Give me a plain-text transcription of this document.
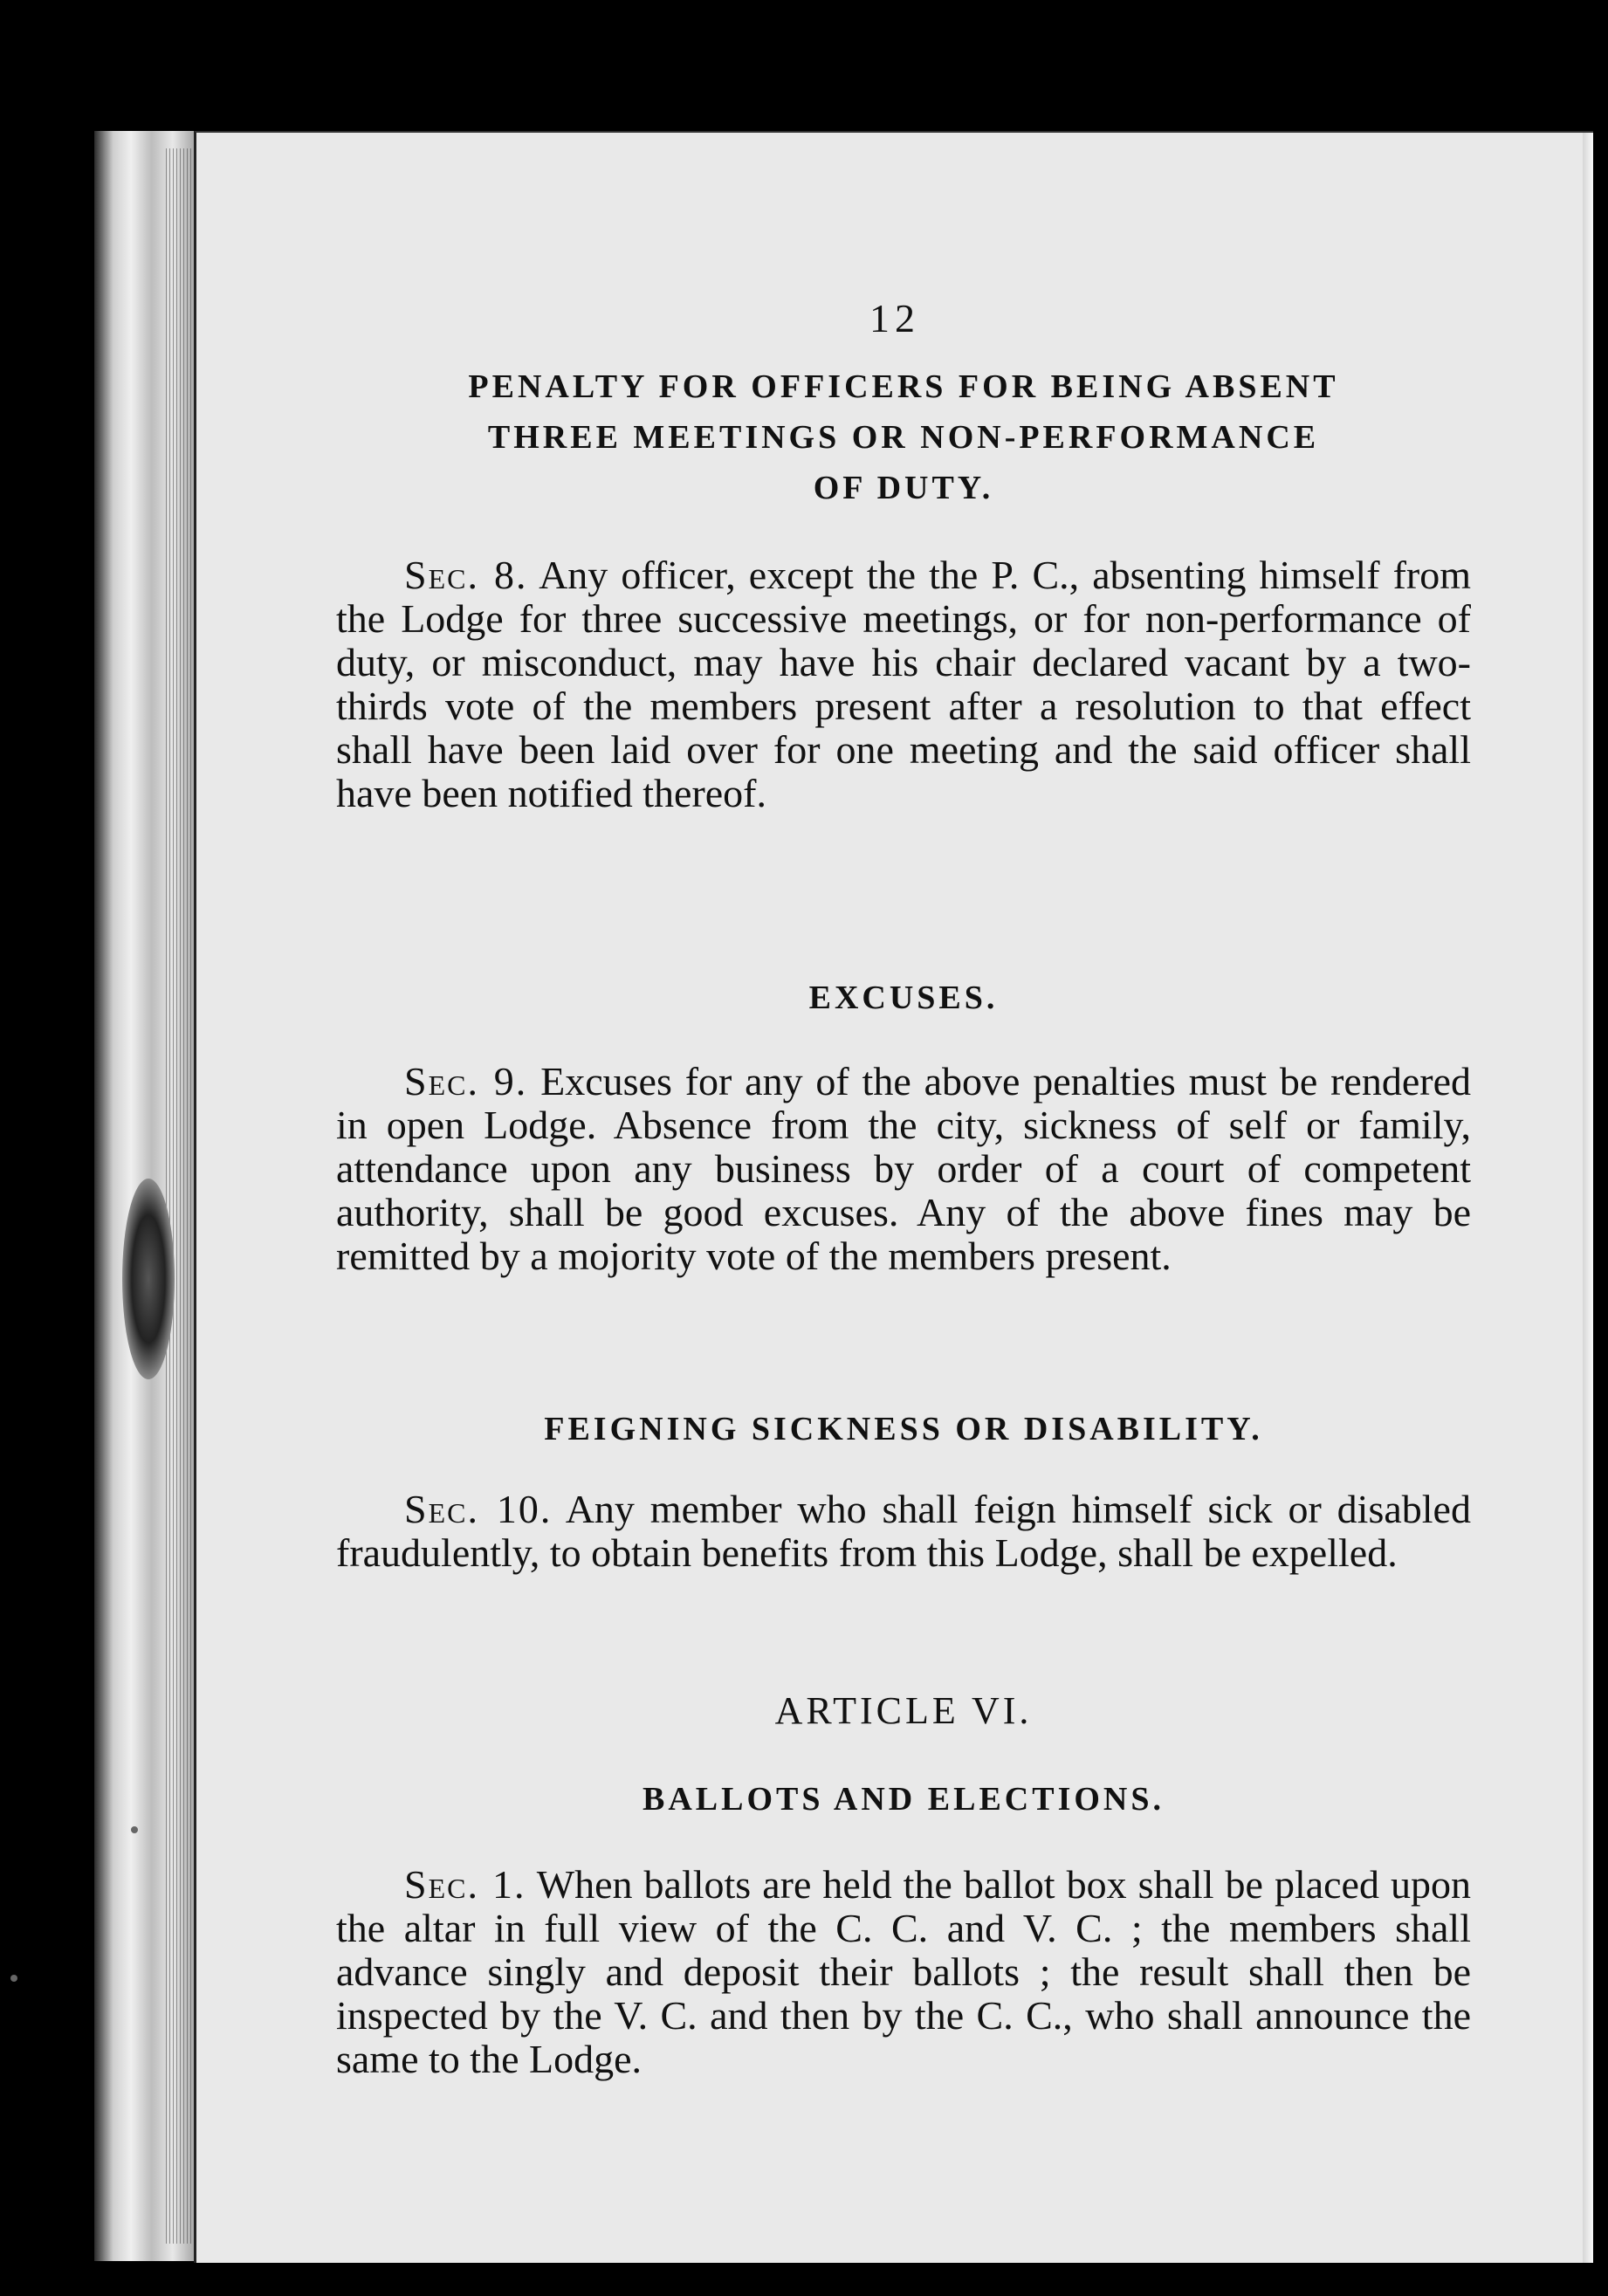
12
PENALTY FOR OFFICERS FOR BEING ABSENT
THREE MEETINGS OR NON-PERFORMANCE
OF DUTY.

Sec. 8. Any officer, except the the P. C., absenting himself from the Lodge for three successive meetings, or for non-performance of duty, or misconduct, may have his chair declared vacant by a two-thirds vote of the members present after a resolution to that effect shall have been laid over for one meeting and the said officer shall have been notified thereof.

EXCUSES.

Sec. 9. Excuses for any of the above penalties must be rendered in open Lodge. Absence from the city, sickness of self or family, attendance upon any business by order of a court of competent authority, shall be good excuses. Any of the above fines may be remitted by a mojority vote of the members present.

FEIGNING SICKNESS OR DISABILITY.

Sec. 10. Any member who shall feign himself sick or disabled fraudulently, to obtain benefits from this Lodge, shall be expelled.

ARTICLE VI.
BALLOTS AND ELECTIONS.

Sec. 1. When ballots are held the ballot box shall be placed upon the altar in full view of the C. C. and V. C. ; the members shall advance singly and deposit their ballots ; the result shall then be inspected by the V. C. and then by the C. C., who shall announce the same to the Lodge.
